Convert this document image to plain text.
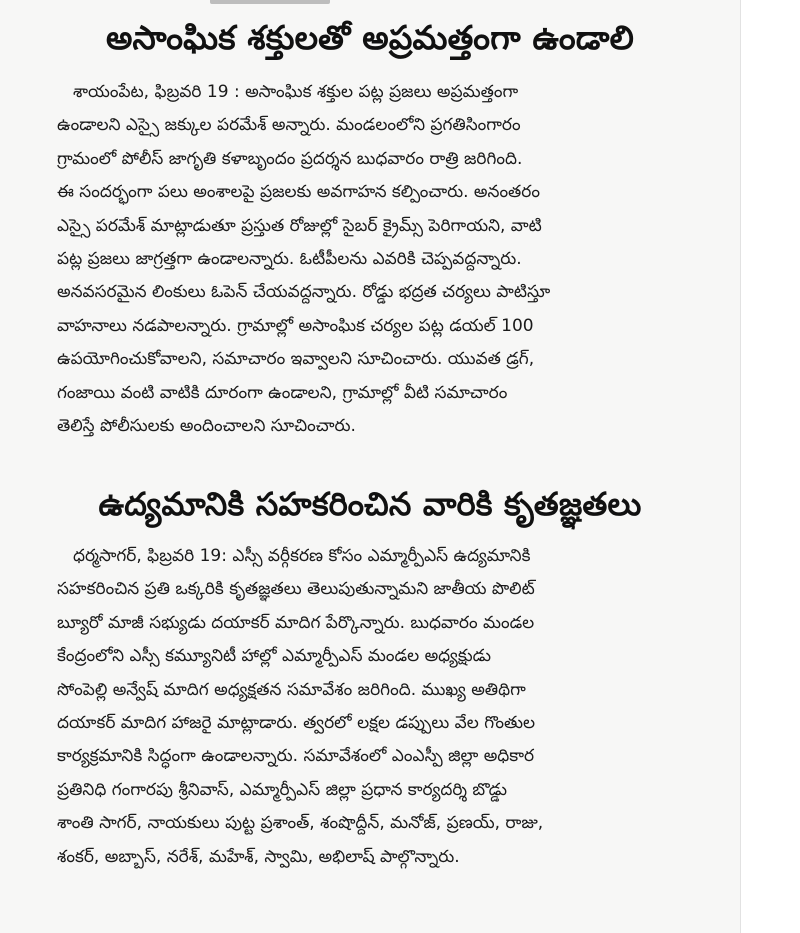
అసాంఘిక శక్తులతో అప్రమత్తంగా ఉండాలి
శాయంపేట, ఫిబ్రవరి 19 : అసాంఘిక శక్తుల పట్ల ప్రజలు అప్రమత్తంగా
ఉండాలని ఎస్సై జక్కుల పరమేశ్ అన్నారు. మండలంలోని ప్రగతిసింగారం
గ్రామంలో పోలీస్ జాగృతి కళాబృందం ప్రదర్శన బుధవారం రాత్రి జరిగింది.
ఈ సందర్భంగా పలు అంశాలపై ప్రజలకు అవగాహన కల్పించారు. అనంతరం
ఎస్సై పరమేశ్ మాట్లాడుతూ ప్రస్తుత రోజుల్లో సైబర్ క్రైమ్స్ పెరిగాయని, వాటి
పట్ల ప్రజలు జాగ్రత్తగా ఉండాలన్నారు. ఓటీపీలను ఎవరికి చెప్పవద్దన్నారు.
అనవసరమైన లింకులు ఓపెన్ చేయవద్దన్నారు. రోడ్డు భద్రత చర్యలు పాటిస్తూ
వాహనాలు నడపాలన్నారు. గ్రామాల్లో అసాంఘిక చర్యల పట్ల డయల్ 100
ఉపయోగించుకోవాలని, సమాచారం ఇవ్వాలని సూచించారు. యువత డ్రగ్,
గంజాయి వంటి వాటికి దూరంగా ఉండాలని, గ్రామాల్లో వీటి సమాచారం
తెలిస్తే పోలీసులకు అందించాలని సూచించారు.
ఉద్యమానికి సహకరించిన వారికి కృతజ్ఞతలు
ధర్మసాగర్, ఫిబ్రవరి 19: ఎస్సీ వర్గీకరణ కోసం ఎమ్మార్పీఎస్ ఉద్యమానికి
సహకరించిన ప్రతి ఒక్కరికి కృతజ్ఞతలు తెలుపుతున్నామని జాతీయ పొలిట్
బ్యూరో మాజీ సభ్యుడు దయాకర్ మాదిగ పేర్కొన్నారు. బుధవారం మండల
కేంద్రంలోని ఎస్సీ కమ్యూనిటీ హాల్లో ఎమ్మార్పీఎస్ మండల అధ్యక్షుడు
సోంపెల్లి అన్వేష్ మాదిగ అధ్యక్షతన సమావేశం జరిగింది. ముఖ్య అతిథిగా
దయాకర్ మాదిగ హాజరై మాట్లాడారు. త్వరలో లక్షల డప్పులు వేల గొంతుల
కార్యక్రమానికి సిద్ధంగా ఉండాలన్నారు. సమావేశంలో ఎంఎస్పీ జిల్లా అధికార
ప్రతినిధి గంగారపు శ్రీనివాస్, ఎమ్మార్పీఎస్ జిల్లా ప్రధాన కార్యదర్శి బొడ్డు
శాంతి సాగర్, నాయకులు పుట్ట ప్రశాంత్, శంషొద్దీన్, మనోజ్, ప్రణయ్, రాజు,
శంకర్, అబ్బాస్, నరేశ్, మహేశ్, స్వామి, అభిలాష్ పాల్గొన్నారు.
